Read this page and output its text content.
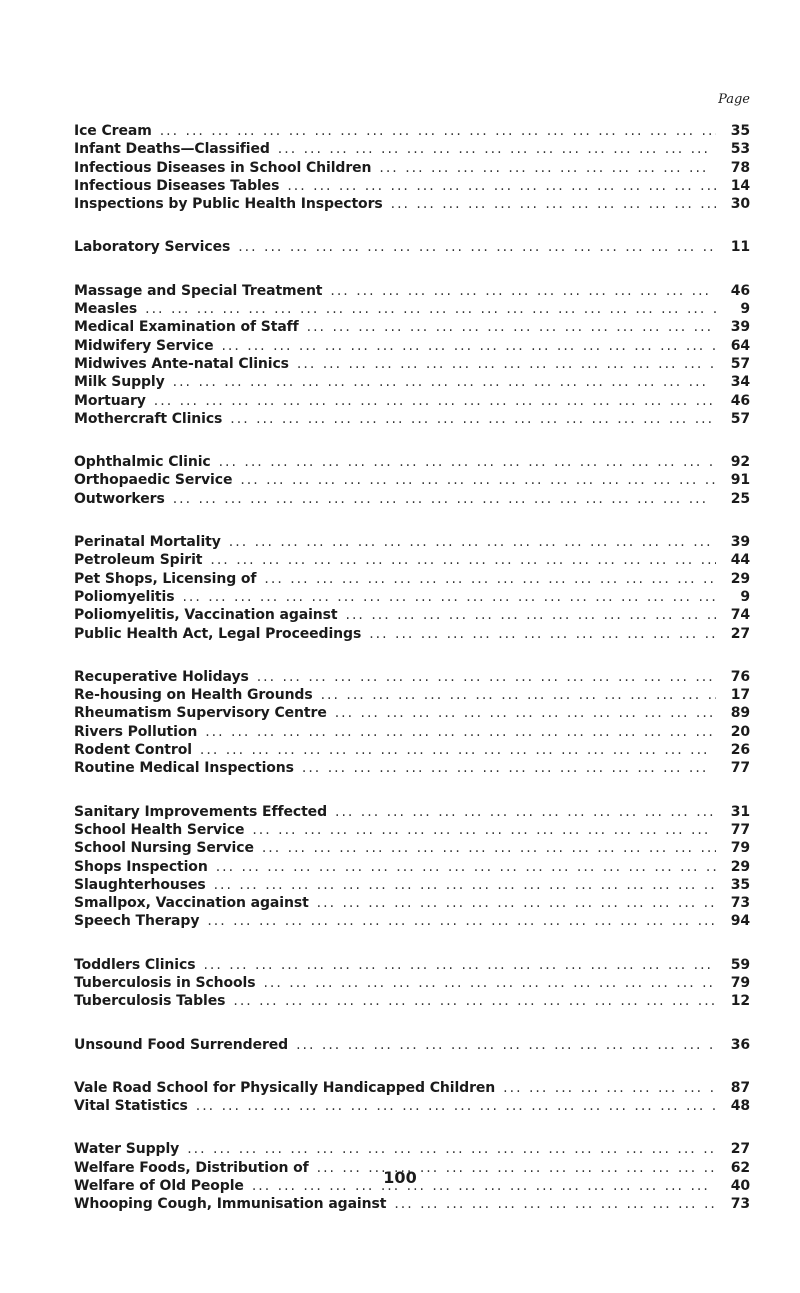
Page
Ice Cream ... .	35
Infant Deaths—Classified ... .	53
Infectious Diseases in School Children ... .	78
Infectious Diseases Tables ... .	14
Inspections by Public Health Inspectors ... .	30
Laboratory Services ... .	11
Massage and Special Treatment ... .	46
Measles ... .	9
Medical Examination of Staff ... .	39
Midwifery Service ... .	64
Midwives Ante-natal Clinics ... .	57
Milk Supply ... .	34
Mortuary ... .	46
Mothercraft Clinics ... .	57
Ophthalmic Clinic ... .	92
Orthopaedic Service ... .	91
Outworkers ... .	25
Perinatal Mortality ... .	39
Petroleum Spirit ... .	44
Pet Shops, Licensing of ... .	29
Poliomyelitis ... .	9
Poliomyelitis, Vaccination against ... .	74
Public Health Act, Legal Proceedings ... .	27
Recuperative Holidays ... .	76
Re-housing on Health Grounds ... .	17
Rheumatism Supervisory Centre ... .	89
Rivers Pollution ... .	20
Rodent Control ... .	26
Routine Medical Inspections ... .	77
Sanitary Improvements Effected ... .	31
School Health Service ... .	77
School Nursing Service ... .	79
Shops Inspection ... .	29
Slaughterhouses ... .	35
Smallpox, Vaccination against ... .	73
Speech Therapy ... .	94
Toddlers Clinics ... .	59
Tuberculosis in Schools ... .	79
Tuberculosis Tables ... .	12
Unsound Food Surrendered ... .	36
Vale Road School for Physically Handicapped Children ... .	87
Vital Statistics ... .	48
Water Supply ... .	27
Welfare Foods, Distribution of ... .	62
Welfare of Old People ... .	40
Whooping Cough, Immunisation against ... .	73
100
